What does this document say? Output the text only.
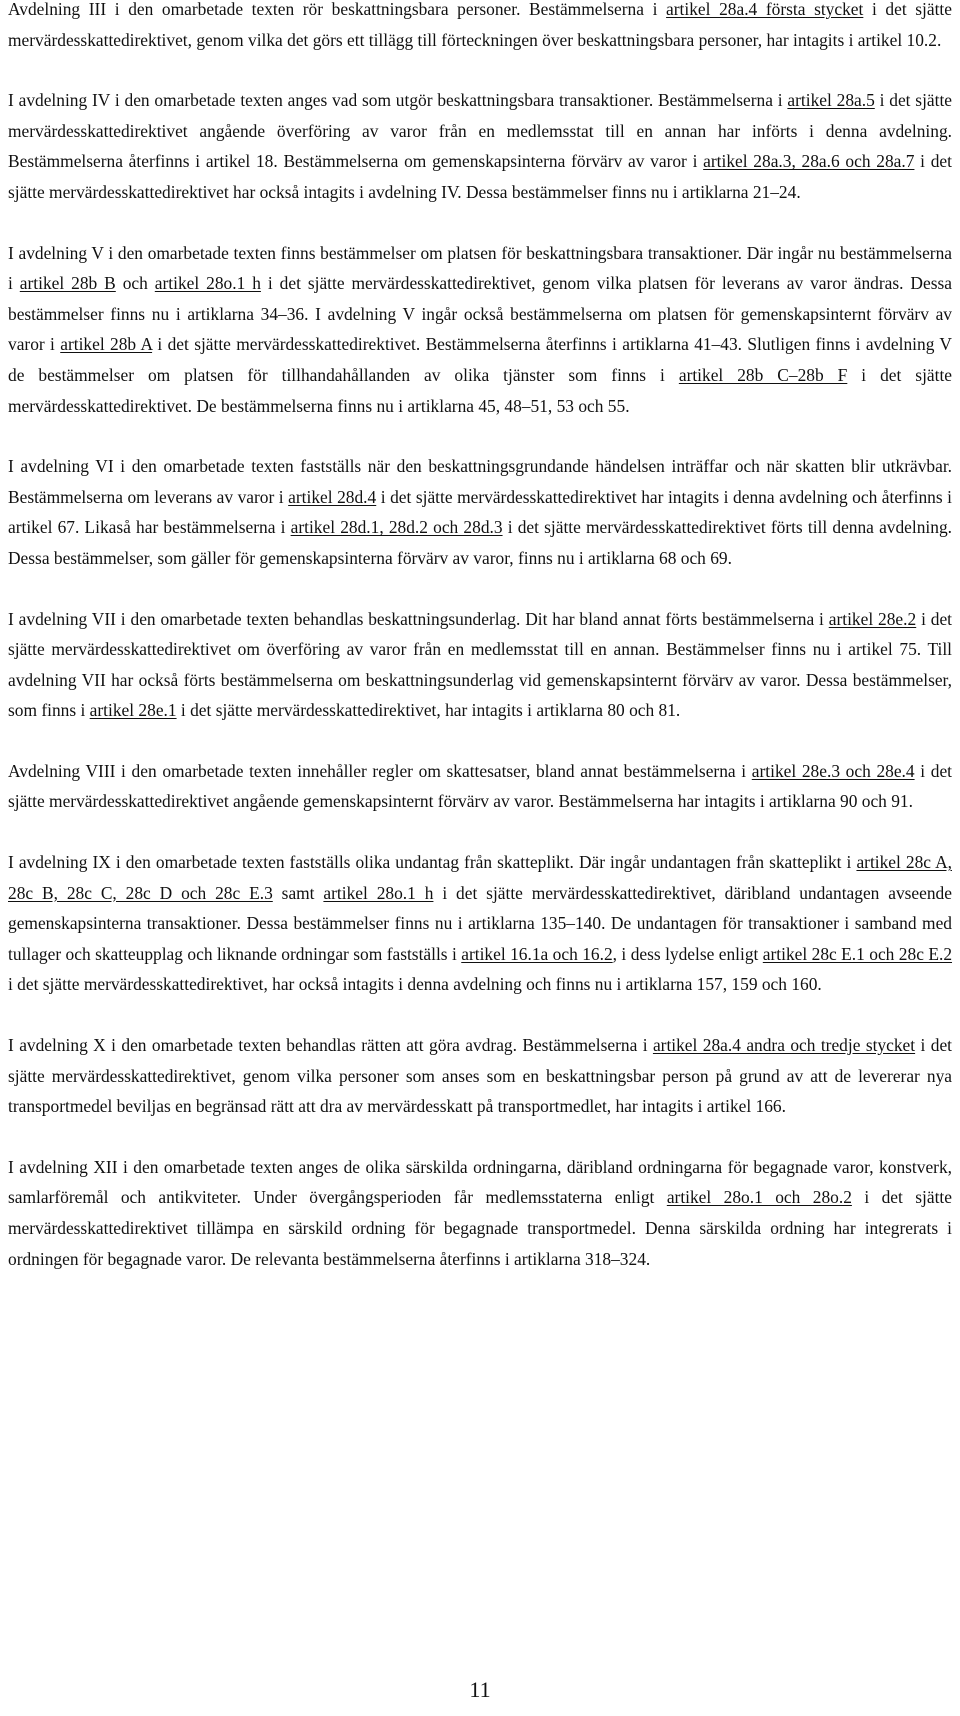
Avdelning III i den omarbetade texten rör beskattningsbara personer. Bestämmelserna i artikel 28a.4 första stycket i det sjätte mervärdesskattedirektivet, genom vilka det görs ett tillägg till förteckningen över beskattningsbara personer, har intagits i artikel 10.2.

I avdelning IV i den omarbetade texten anges vad som utgör beskattningsbara transaktioner. Bestämmelserna i artikel 28a.5 i det sjätte mervärdesskattedirektivet angående överföring av varor från en medlemsstat till en annan har införts i denna avdelning. Bestämmelserna återfinns i artikel 18. Bestämmelserna om gemenskapsinterna förvärv av varor i artikel 28a.3, 28a.6 och 28a.7 i det sjätte mervärdesskattedirektivet har också intagits i avdelning IV. Dessa bestämmelser finns nu i artiklarna 21–24.

I avdelning V i den omarbetade texten finns bestämmelser om platsen för beskattningsbara transaktioner. Där ingår nu bestämmelserna i artikel 28b B och artikel 28o.1 h i det sjätte mervärdesskattedirektivet, genom vilka platsen för leverans av varor ändras. Dessa bestämmelser finns nu i artiklarna 34–36. I avdelning V ingår också bestämmelserna om platsen för gemenskapsinternt förvärv av varor i artikel 28b A i det sjätte mervärdesskattedirektivet. Bestämmelserna återfinns i artiklarna 41–43. Slutligen finns i avdelning V de bestämmelser om platsen för tillhandahållanden av olika tjänster som finns i artikel 28b C–28b F i det sjätte mervärdesskattedirektivet. De bestämmelserna finns nu i artiklarna 45, 48–51, 53 och 55.

I avdelning VI i den omarbetade texten fastställs när den beskattningsgrundande händelsen inträffar och när skatten blir utkrävbar. Bestämmelserna om leverans av varor i artikel 28d.4 i det sjätte mervärdesskattedirektivet har intagits i denna avdelning och återfinns i artikel 67. Likaså har bestämmelserna i artikel 28d.1, 28d.2 och 28d.3 i det sjätte mervärdesskattedirektivet förts till denna avdelning. Dessa bestämmelser, som gäller för gemenskapsinterna förvärv av varor, finns nu i artiklarna 68 och 69.

I avdelning VII i den omarbetade texten behandlas beskattningsunderlag. Dit har bland annat förts bestämmelserna i artikel 28e.2 i det sjätte mervärdesskattedirektivet om överföring av varor från en medlemsstat till en annan. Bestämmelser finns nu i artikel 75. Till avdelning VII har också förts bestämmelserna om beskattningsunderlag vid gemenskapsinternt förvärv av varor. Dessa bestämmelser, som finns i artikel 28e.1 i det sjätte mervärdesskattedirektivet, har intagits i artiklarna 80 och 81.

Avdelning VIII i den omarbetade texten innehåller regler om skattesatser, bland annat bestämmelserna i artikel 28e.3 och 28e.4 i det sjätte mervärdesskattedirektivet angående gemenskapsinternt förvärv av varor. Bestämmelserna har intagits i artiklarna 90 och 91.

I avdelning IX i den omarbetade texten fastställs olika undantag från skatteplikt. Där ingår undantagen från skatteplikt i artikel 28c A, 28c B, 28c C, 28c D och 28c E.3 samt artikel 28o.1 h i det sjätte mervärdesskattedirektivet, däribland undantagen avseende gemenskapsinterna transaktioner. Dessa bestämmelser finns nu i artiklarna 135–140. De undantagen för transaktioner i samband med tullager och skatteupplag och liknande ordningar som fastställs i artikel 16.1a och 16.2, i dess lydelse enligt artikel 28c E.1 och 28c E.2 i det sjätte mervärdesskattedirektivet, har också intagits i denna avdelning och finns nu i artiklarna 157, 159 och 160.

I avdelning X i den omarbetade texten behandlas rätten att göra avdrag. Bestämmelserna i artikel 28a.4 andra och tredje stycket i det sjätte mervärdesskattedirektivet, genom vilka personer som anses som en beskattningsbar person på grund av att de levererar nya transportmedel beviljas en begränsad rätt att dra av mervärdesskatt på transportmedlet, har intagits i artikel 166.

I avdelning XII i den omarbetade texten anges de olika särskilda ordningarna, däribland ordningarna för begagnade varor, konstverk, samlarföremål och antikviteter. Under övergångsperioden får medlemsstaterna enligt artikel 28o.1 och 28o.2 i det sjätte mervärdesskattedirektivet tillämpa en särskild ordning för begagnade transportmedel. Denna särskilda ordning har integrerats i ordningen för begagnade varor. De relevanta bestämmelserna återfinns i artiklarna 318–324.

11
